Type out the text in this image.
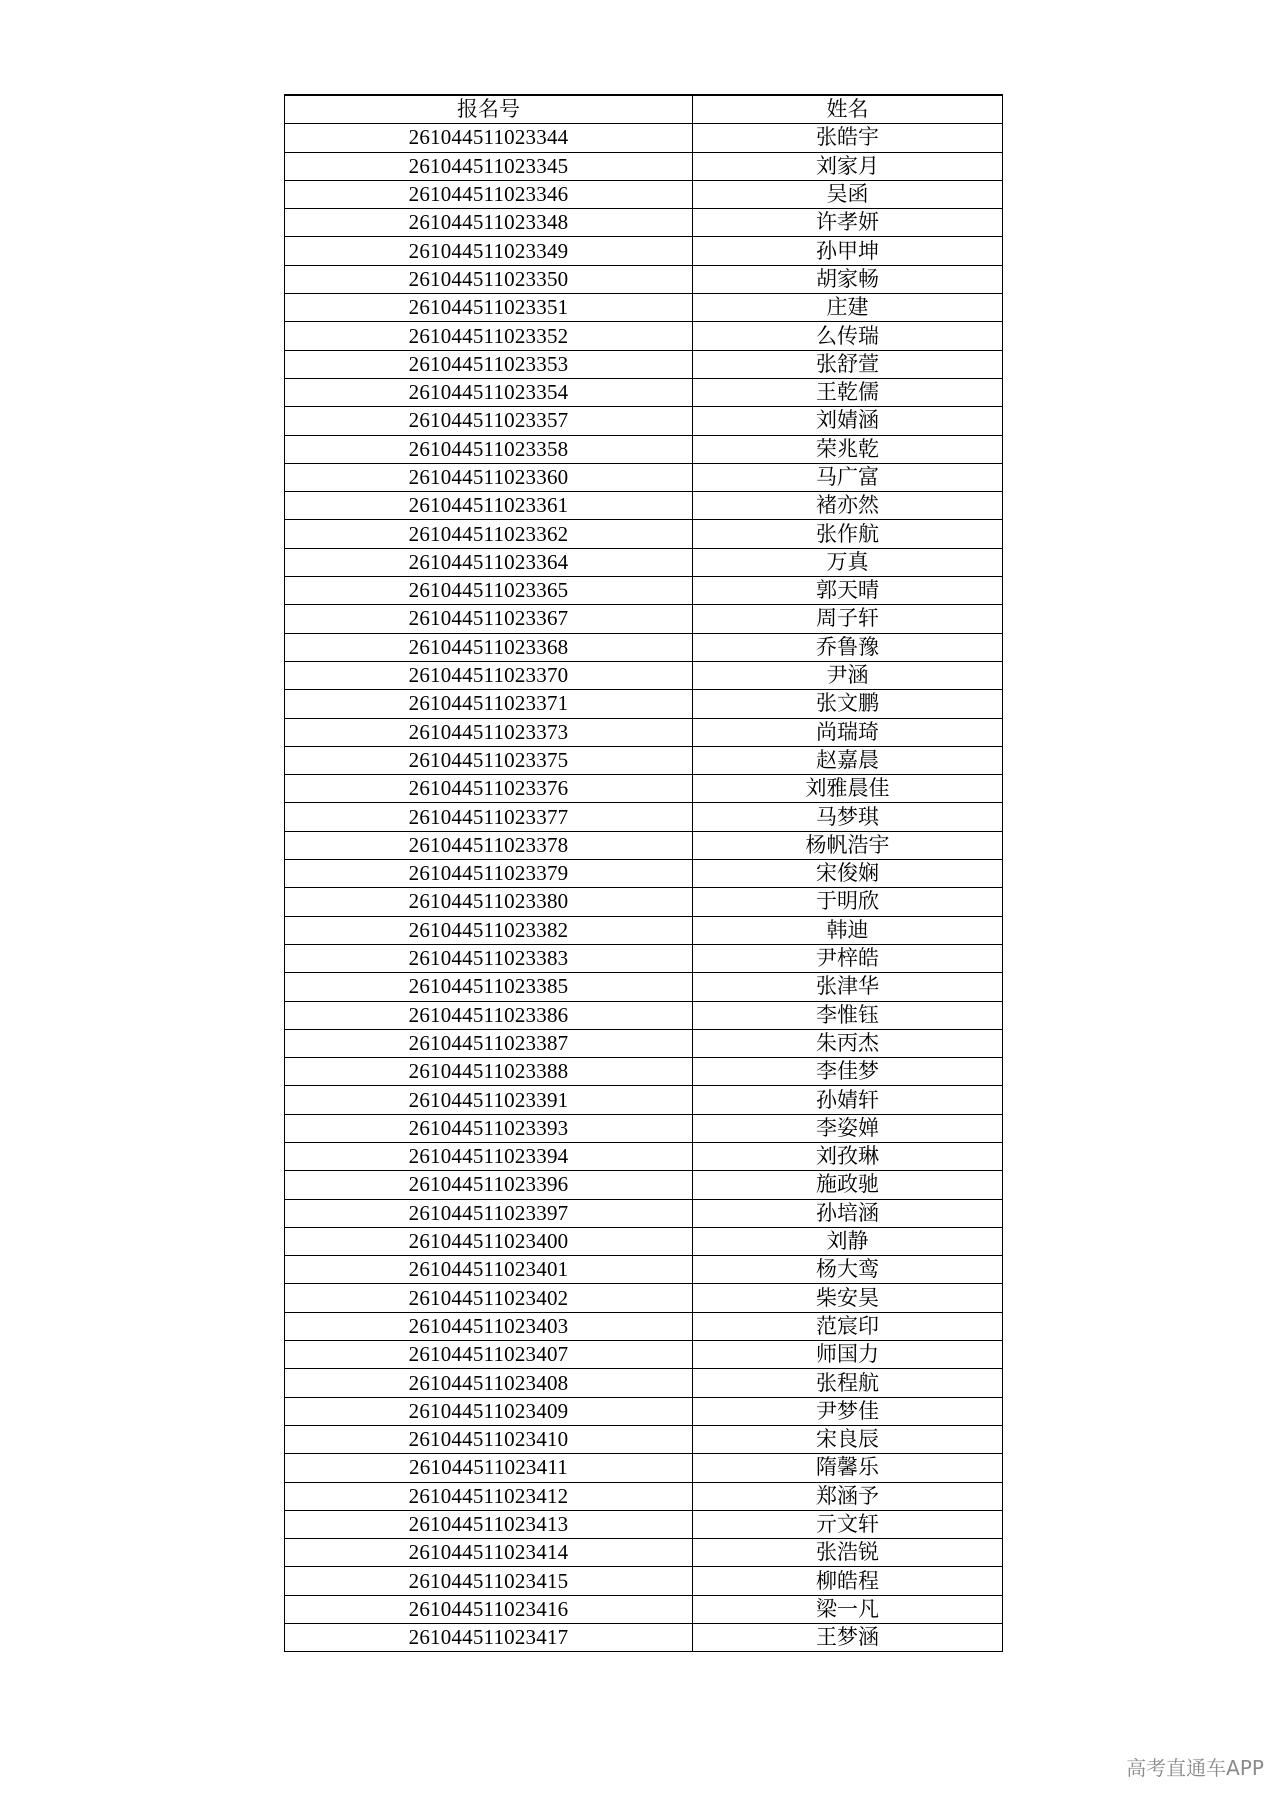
报名号	姓名
261044511023344	张皓宇
261044511023345	刘家月
261044511023346	吴函
261044511023348	许孝妍
261044511023349	孙甲坤
261044511023350	胡家畅
261044511023351	庄建
261044511023352	么传瑞
261044511023353	张舒萱
261044511023354	王乾儒
261044511023357	刘婧涵
261044511023358	荣兆乾
261044511023360	马广富
261044511023361	褚亦然
261044511023362	张作航
261044511023364	万真
261044511023365	郭天晴
261044511023367	周子轩
261044511023368	乔鲁豫
261044511023370	尹涵
261044511023371	张文鹏
261044511023373	尚瑞琦
261044511023375	赵嘉晨
261044511023376	刘雅晨佳
261044511023377	马梦琪
261044511023378	杨帆浩宇
261044511023379	宋俊娴
261044511023380	于明欣
261044511023382	韩迪
261044511023383	尹梓皓
261044511023385	张津华
261044511023386	李惟钰
261044511023387	朱丙杰
261044511023388	李佳梦
261044511023391	孙婧轩
261044511023393	李姿婵
261044511023394	刘孜琳
261044511023396	施政驰
261044511023397	孙培涵
261044511023400	刘静
261044511023401	杨大鸾
261044511023402	柴安昊
261044511023403	范宸印
261044511023407	师国力
261044511023408	张程航
261044511023409	尹梦佳
261044511023410	宋良辰
261044511023411	隋馨乐
261044511023412	郑涵予
261044511023413	亓文轩
261044511023414	张浩锐
261044511023415	柳皓程
261044511023416	梁一凡
261044511023417	王梦涵
高考直通车APP
